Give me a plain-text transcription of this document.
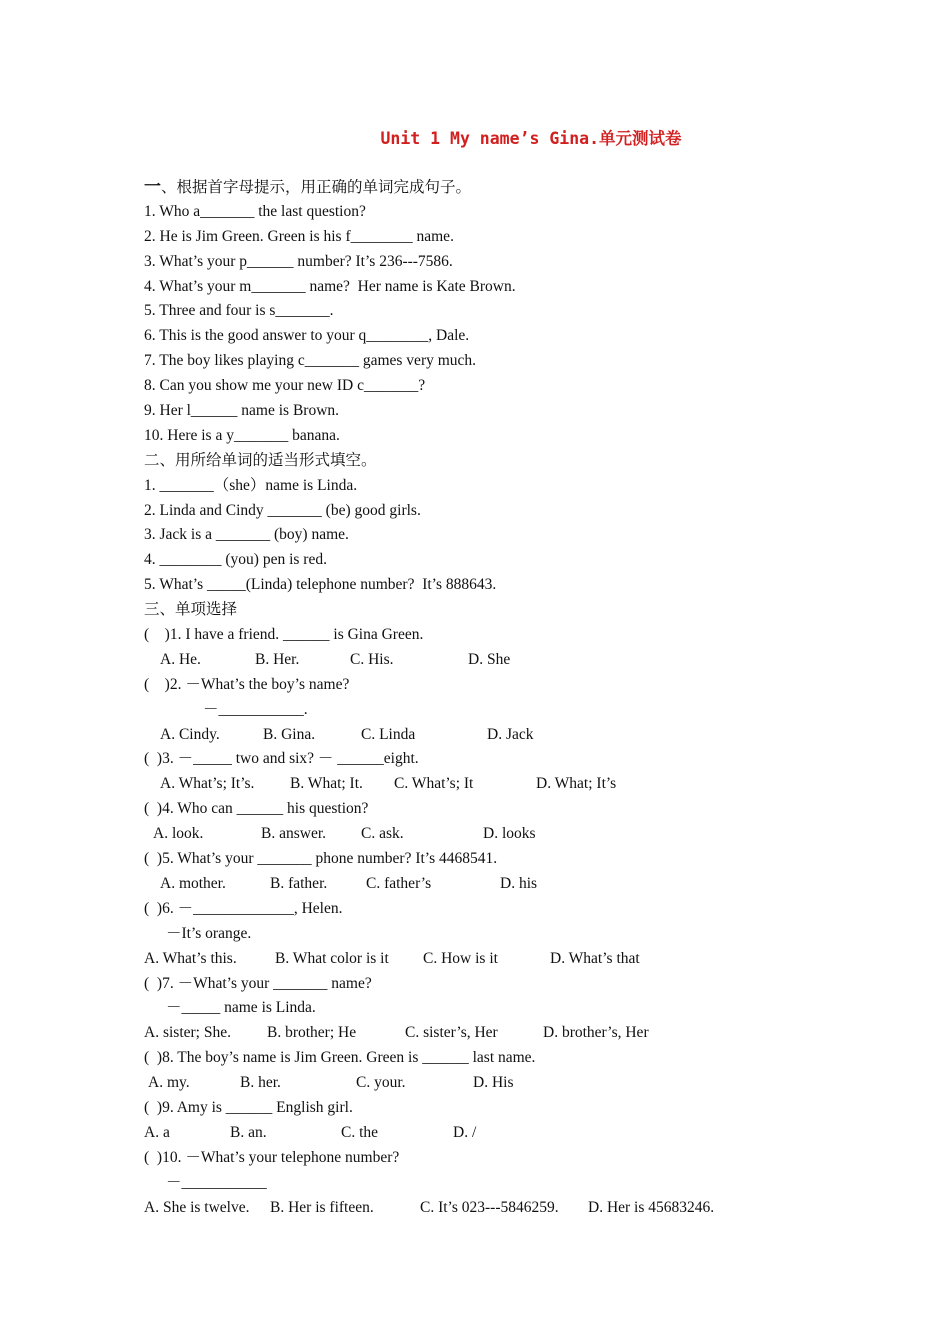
Unit 1 My name’s Gina.单元测试卷
一、根据首字母提示，用正确的单词完成句子。
1. Who a_______ the last question?
2. He is Jim Green. Green is his f________ name.
3. What’s your p______ number? It’s 236---7586.
4. What’s your m_______ name?  Her name is Kate Brown.
5. Three and four is s_______.
6. This is the good answer to your q________, Dale.
7. The boy likes playing c_______ games very much.
8. Can you show me your new ID c_______?
9. Her l______ name is Brown.
10. Here is a y_______ banana.
二、用所给单词的适当形式填空。
1. _______（she）name is Linda.
2. Linda and Cindy _______ (be) good girls.
3. Jack is a _______ (boy) name.
4. ________ (you) pen is red.
5. What’s _____(Linda) telephone number?  It’s 888643.
三、单项选择
(    )1. I have a friend. ______ is Gina Green.
A. He.	B. Her.	C. His.	D. She
(    )2. －What’s the boy’s name?
－___________.
A. Cindy.	B. Gina.	C. Linda	D. Jack
(  )3. －_____ two and six? － ______eight.
A. What’s; It’s. B. What; It. C. What’s; It	D. What; It’s
(  )4. Who can ______ his question?
A. look.	B. answer. C. ask.	D. looks
(  )5. What’s your _______ phone number? It’s 4468541.
A. mother.	B. father.	C. father’s	D. his
(  )6. －_____________, Helen.
－It’s orange.
A. What’s this. B. What color is it C. How is it	D. What’s that
(  )7. －What’s your _______ name?
－_____ name is Linda.
A. sister; She. B. brother; He	C. sister’s, Her	D. brother’s, Her
(  )8. The boy’s name is Jim Green. Green is ______ last name.
A. my.	B. her.	C. your.	D. His
(  )9. Amy is ______ English girl.
A. a	B. an.	C. the	D. /
(  )10. －What’s your telephone number?
－___________
A. She is twelve. B. Her is fifteen.	C. It’s 023---5846259. D. Her is 45683246.
